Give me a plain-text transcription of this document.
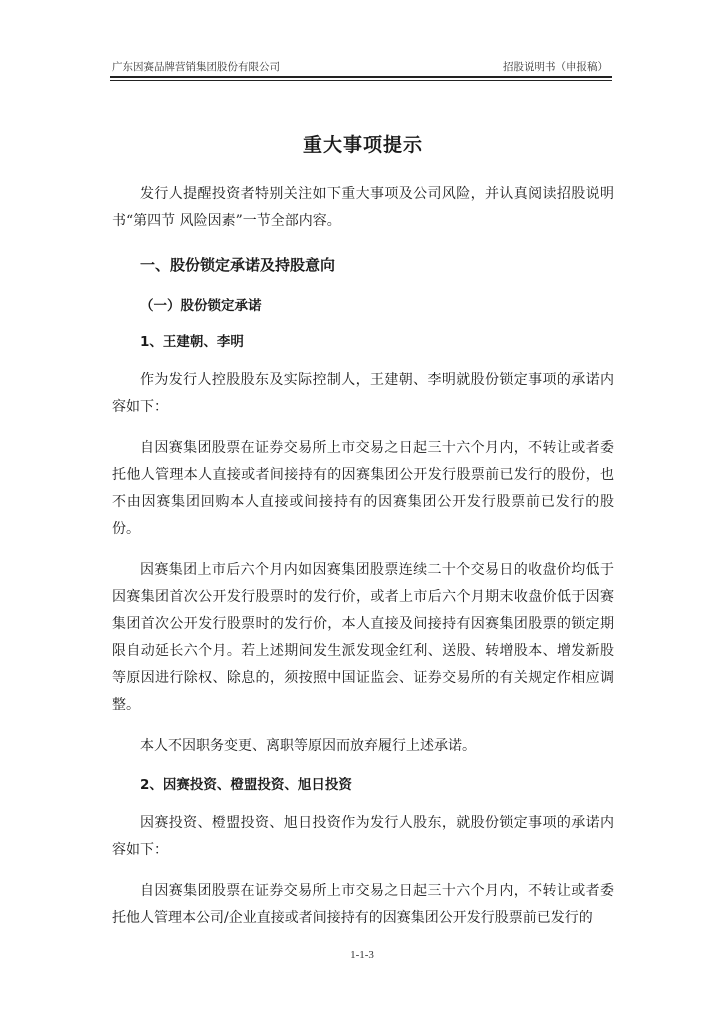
广东因赛品牌营销集团股份有限公司	招股说明书（申报稿）
重大事项提示

发行人提醒投资者特别关注如下重大事项及公司风险，并认真阅读招股说明书“第四节 风险因素”一节全部内容。

一、股份锁定承诺及持股意向
（一）股份锁定承诺
1、王建朝、李明

作为发行人控股股东及实际控制人，王建朝、李明就股份锁定事项的承诺内容如下：

自因赛集团股票在证券交易所上市交易之日起三十六个月内，不转让或者委托他人管理本人直接或者间接持有的因赛集团公开发行股票前已发行的股份，也不由因赛集团回购本人直接或间接持有的因赛集团公开发行股票前已发行的股份。

因赛集团上市后六个月内如因赛集团股票连续二十个交易日的收盘价均低于因赛集团首次公开发行股票时的发行价，或者上市后六个月期末收盘价低于因赛集团首次公开发行股票时的发行价，本人直接及间接持有因赛集团股票的锁定期限自动延长六个月。若上述期间发生派发现金红利、送股、转增股本、增发新股等原因进行除权、除息的，须按照中国证监会、证券交易所的有关规定作相应调整。

本人不因职务变更、离职等原因而放弃履行上述承诺。

2、因赛投资、橙盟投资、旭日投资

因赛投资、橙盟投资、旭日投资作为发行人股东，就股份锁定事项的承诺内容如下：

自因赛集团股票在证券交易所上市交易之日起三十六个月内，不转让或者委托他人管理本公司/企业直接或者间接持有的因赛集团公开发行股票前已发行的

1-1-3
